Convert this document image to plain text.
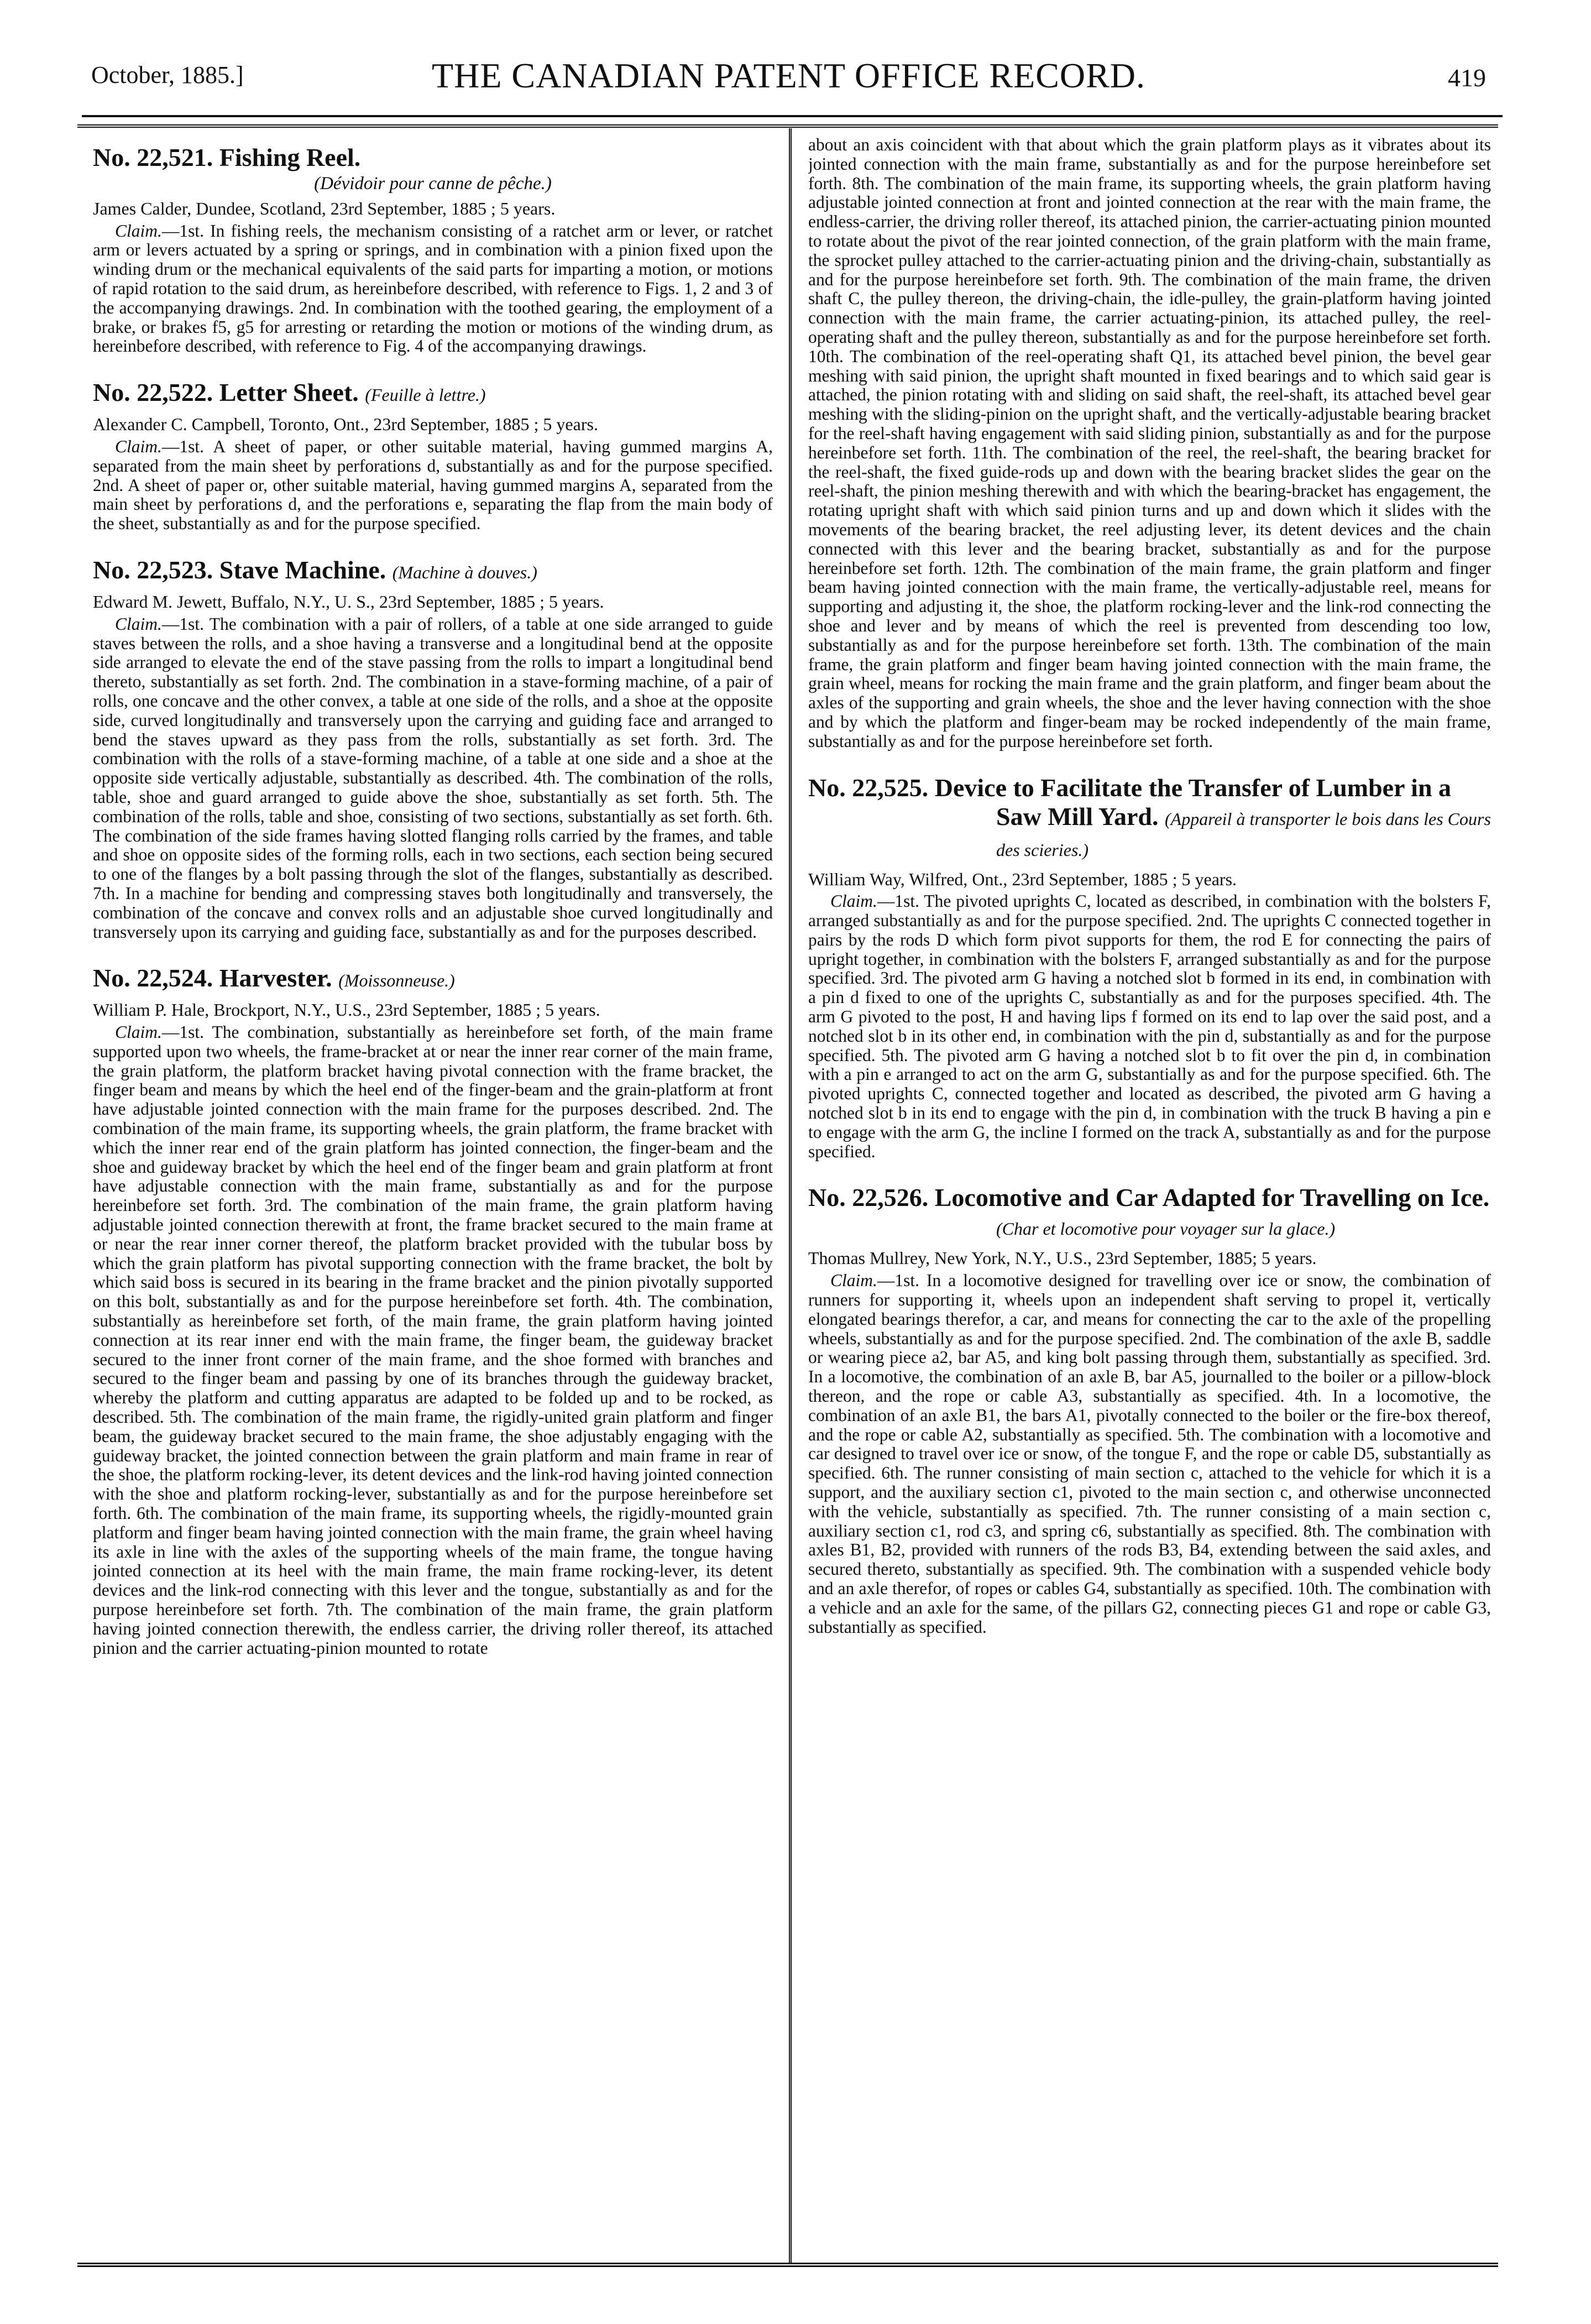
October, 1885.]	THE CANADIAN PATENT OFFICE RECORD.	419
No. 22,521. Fishing Reel.
(Dévidoir pour canne de pêche.)
James Calder, Dundee, Scotland, 23rd September, 1885 ; 5 years.

Claim.—1st. In fishing reels, the mechanism consisting of a ratchet arm or lever, or ratchet arm or levers actuated by a spring or springs, and in combination with a pinion fixed upon the winding drum or the mechanical equivalents of the said parts for imparting a motion, or motions of rapid rotation to the said drum, as hereinbefore described, with reference to Figs. 1, 2 and 3 of the accompanying drawings. 2nd. In combination with the toothed gearing, the employment of a brake, or brakes f5, g5 for arresting or retarding the motion or motions of the winding drum, as hereinbefore described, with reference to Fig. 4 of the accompanying drawings.

No. 22,522. Letter Sheet. (Feuille à lettre.)
Alexander C. Campbell, Toronto, Ont., 23rd September, 1885 ; 5 years.

Claim.—1st. A sheet of paper, or other suitable material, having gummed margins A, separated from the main sheet by perforations d, substantially as and for the purpose specified. 2nd. A sheet of paper or, other suitable material, having gummed margins A, separated from the main sheet by perforations d, and the perforations e, separating the flap from the main body of the sheet, substantially as and for the purpose specified.

No. 22,523. Stave Machine. (Machine à douves.)
Edward M. Jewett, Buffalo, N.Y., U. S., 23rd September, 1885 ; 5 years.

Claim.—1st. The combination with a pair of rollers, of a table at one side arranged to guide staves between the rolls, and a shoe having a transverse and a longitudinal bend at the opposite side arranged to elevate the end of the stave passing from the rolls to impart a longitudinal bend thereto, substantially as set forth. 2nd. The combination in a stave-forming machine, of a pair of rolls, one concave and the other convex, a table at one side of the rolls, and a shoe at the opposite side, curved longitudinally and transversely upon the carrying and guiding face and arranged to bend the staves upward as they pass from the rolls, substantially as set forth. 3rd. The combination with the rolls of a stave-forming machine, of a table at one side and a shoe at the opposite side vertically adjustable, substantially as described. 4th. The combination of the rolls, table, shoe and guard arranged to guide above the shoe, substantially as set forth. 5th. The combination of the rolls, table and shoe, consisting of two sections, substantially as set forth. 6th. The combination of the side frames having slotted flanging rolls carried by the frames, and table and shoe on opposite sides of the forming rolls, each in two sections, each section being secured to one of the flanges by a bolt passing through the slot of the flanges, substantially as described. 7th. In a machine for bending and compressing staves both longitudinally and transversely, the combination of the concave and convex rolls and an adjustable shoe curved longitudinally and transversely upon its carrying and guiding face, substantially as and for the purposes described.

No. 22,524. Harvester. (Moissonneuse.)
William P. Hale, Brockport, N.Y., U.S., 23rd September, 1885 ; 5 years.

Claim.—1st. The combination, substantially as hereinbefore set forth, of the main frame supported upon two wheels, the frame-bracket at or near the inner rear corner of the main frame, the grain platform, the platform bracket having pivotal connection with the frame bracket, the finger beam and means by which the heel end of the finger-beam and the grain-platform at front have adjustable jointed connection with the main frame for the purposes described. 2nd. The combination of the main frame, its supporting wheels, the grain platform, the frame bracket with which the inner rear end of the grain platform has jointed connection, the finger-beam and the shoe and guideway bracket by which the heel end of the finger beam and grain platform at front have adjustable connection with the main frame, substantially as and for the purpose hereinbefore set forth. 3rd. The combination of the main frame, the grain platform having adjustable jointed connection therewith at front, the frame bracket secured to the main frame at or near the rear inner corner thereof, the platform bracket provided with the tubular boss by which the grain platform has pivotal supporting connection with the frame bracket, the bolt by which said boss is secured in its bearing in the frame bracket and the pinion pivotally supported on this bolt, substantially as and for the purpose hereinbefore set forth. 4th. The combination, substantially as hereinbefore set forth, of the main frame, the grain platform having jointed connection at its rear inner end with the main frame, the finger beam, the guideway bracket secured to the inner front corner of the main frame, and the shoe formed with branches and secured to the finger beam and passing by one of its branches through the guideway bracket, whereby the platform and cutting apparatus are adapted to be folded up and to be rocked, as described. 5th. The combination of the main frame, the rigidly-united grain platform and finger beam, the guideway bracket secured to the main frame, the shoe adjustably engaging with the guideway bracket, the jointed connection between the grain platform and main frame in rear of the shoe, the platform rocking-lever, its detent devices and the link-rod having jointed connection with the shoe and platform rocking-lever, substantially as and for the purpose hereinbefore set forth. 6th. The combination of the main frame, its supporting wheels, the rigidly-mounted grain platform and finger beam having jointed connection with the main frame, the grain wheel having its axle in line with the axles of the supporting wheels of the main frame, the tongue having jointed connection at its heel with the main frame, the main frame rocking-lever, its detent devices and the link-rod connecting with this lever and the tongue, substantially as and for the purpose hereinbefore set forth. 7th. The combination of the main frame, the grain platform having jointed connection therewith, the endless carrier, the driving roller thereof, its attached pinion and the carrier actuating-pinion mounted to rotate

about an axis coincident with that about which the grain platform plays as it vibrates about its jointed connection with the main frame, substantially as and for the purpose hereinbefore set forth. 8th. The combination of the main frame, its supporting wheels, the grain platform having adjustable jointed connection at front and jointed connection at the rear with the main frame, the endless-carrier, the driving roller thereof, its attached pinion, the carrier-actuating pinion mounted to rotate about the pivot of the rear jointed connection, of the grain platform with the main frame, the sprocket pulley attached to the carrier-actuating pinion and the driving-chain, substantially as and for the purpose hereinbefore set forth. 9th. The combination of the main frame, the driven shaft C, the pulley thereon, the driving-chain, the idle-pulley, the grain-platform having jointed connection with the main frame, the carrier actuating-pinion, its attached pulley, the reel-operating shaft and the pulley thereon, substantially as and for the purpose hereinbefore set forth. 10th. The combination of the reel-operating shaft Q1, its attached bevel pinion, the bevel gear meshing with said pinion, the upright shaft mounted in fixed bearings and to which said gear is attached, the pinion rotating with and sliding on said shaft, the reel-shaft, its attached bevel gear meshing with the sliding-pinion on the upright shaft, and the vertically-adjustable bearing bracket for the reel-shaft having engagement with said sliding pinion, substantially as and for the purpose hereinbefore set forth. 11th. The combination of the reel, the reel-shaft, the bearing bracket for the reel-shaft, the fixed guide-rods up and down with the bearing bracket slides the gear on the reel-shaft, the pinion meshing therewith and with which the bearing-bracket has engagement, the rotating upright shaft with which said pinion turns and up and down which it slides with the movements of the bearing bracket, the reel adjusting lever, its detent devices and the chain connected with this lever and the bearing bracket, substantially as and for the purpose hereinbefore set forth. 12th. The combination of the main frame, the grain platform and finger beam having jointed connection with the main frame, the vertically-adjustable reel, means for supporting and adjusting it, the shoe, the platform rocking-lever and the link-rod connecting the shoe and lever and by means of which the reel is prevented from descending too low, substantially as and for the purpose hereinbefore set forth. 13th. The combination of the main frame, the grain platform and finger beam having jointed connection with the main frame, the grain wheel, means for rocking the main frame and the grain platform, and finger beam about the axles of the supporting and grain wheels, the shoe and the lever having connection with the shoe and by which the platform and finger-beam may be rocked independently of the main frame, substantially as and for the purpose hereinbefore set forth.

No. 22,525. Device to Facilitate the Transfer of Lumber in a Saw Mill Yard. (Appareil à transporter le bois dans les Cours des scieries.)
William Way, Wilfred, Ont., 23rd September, 1885 ; 5 years.

Claim.—1st. The pivoted uprights C, located as described, in combination with the bolsters F, arranged substantially as and for the purpose specified. 2nd. The uprights C connected together in pairs by the rods D which form pivot supports for them, the rod E for connecting the pairs of upright together, in combination with the bolsters F, arranged substantially as and for the purpose specified. 3rd. The pivoted arm G having a notched slot b formed in its end, in combination with a pin d fixed to one of the uprights C, substantially as and for the purposes specified. 4th. The arm G pivoted to the post, H and having lips f formed on its end to lap over the said post, and a notched slot b in its other end, in combination with the pin d, substantially as and for the purpose specified. 5th. The pivoted arm G having a notched slot b to fit over the pin d, in combination with a pin e arranged to act on the arm G, substantially as and for the purpose specified. 6th. The pivoted uprights C, connected together and located as described, the pivoted arm G having a notched slot b in its end to engage with the pin d, in combination with the truck B having a pin e to engage with the arm G, the incline I formed on the track A, substantially as and for the purpose specified.

No. 22,526. Locomotive and Car Adapted for Travelling on Ice. (Char et locomotive pour voyager sur la glace.)
Thomas Mullrey, New York, N.Y., U.S., 23rd September, 1885; 5 years.

Claim.—1st. In a locomotive designed for travelling over ice or snow, the combination of runners for supporting it, wheels upon an independent shaft serving to propel it, vertically elongated bearings therefor, a car, and means for connecting the car to the axle of the propelling wheels, substantially as and for the purpose specified. 2nd. The combination of the axle B, saddle or wearing piece a2, bar A5, and king bolt passing through them, substantially as specified. 3rd. In a locomotive, the combination of an axle B, bar A5, journalled to the boiler or a pillow-block thereon, and the rope or cable A3, substantially as specified. 4th. In a locomotive, the combination of an axle B1, the bars A1, pivotally connected to the boiler or the fire-box thereof, and the rope or cable A2, substantially as specified. 5th. The combination with a locomotive and car designed to travel over ice or snow, of the tongue F, and the rope or cable D5, substantially as specified. 6th. The runner consisting of main section c, attached to the vehicle for which it is a support, and the auxiliary section c1, pivoted to the main section c, and otherwise unconnected with the vehicle, substantially as specified. 7th. The runner consisting of a main section c, auxiliary section c1, rod c3, and spring c6, substantially as specified. 8th. The combination with axles B1, B2, provided with runners of the rods B3, B4, extending between the said axles, and secured thereto, substantially as specified. 9th. The combination with a suspended vehicle body and an axle therefor, of ropes or cables G4, substantially as specified. 10th. The combination with a vehicle and an axle for the same, of the pillars G2, connecting pieces G1 and rope or cable G3, substantially as specified.
